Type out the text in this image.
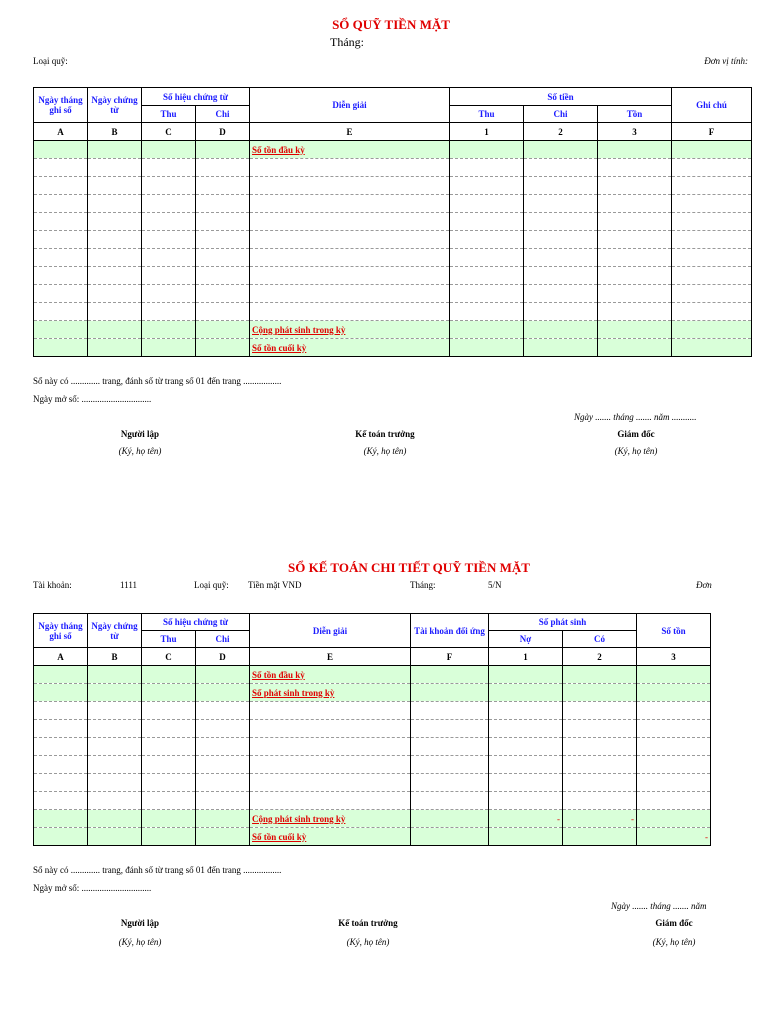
SỔ QUỸ TIỀN MẶT
Tháng:
Loại quỹ:	Đơn vị tính:
Ngày tháng ghi sổ	Ngày chứng từ	Số hiệu chứng từ		Diễn giải	Số tiền			Ghi chú
		Thu	Chi		Thu	Chi	Tồn	
A	B	C	D	E	1	2	3	F
				Số tồn đầu kỳ				

				Cộng phát sinh trong kỳ				
				Số tồn cuối kỳ				
Sổ này có ............. trang, đánh số từ trang số 01 đến trang .................
Ngày mở sổ: ...............................
Ngày ....... tháng ....... năm ...........
Người lập
(Ký, họ tên)
Kế toán trưởng
(Ký, họ tên)
Giám đốc
(Ký, họ tên)
SỔ KẾ TOÁN CHI TIẾT QUỸ TIỀN MẶT
Tài khoản:	1111	Loại quỹ: Tiền mặt VND	Tháng:	5/N	Đơn
Ngày tháng ghi sổ	Ngày chứng từ	Số hiệu chứng từ		Diễn giải	Tài khoản đối ứng	Số phát sinh		Số tồn
		Thu	Chi			Nợ	Có	
A	B	C	D	E	F	1	2	3
				Số tồn đầu kỳ				
				Số phát sinh trong kỳ				

				Cộng phát sinh trong kỳ		-	-	
				Số tồn cuối kỳ				-
Sổ này có ............. trang, đánh số từ trang số 01 đến trang .................
Ngày mở sổ: ...............................
Ngày ....... tháng ....... năm
Người lập
(Ký, họ tên)
Kế toán trưởng
(Ký, họ tên)
Giám đốc
(Ký, họ tên)
